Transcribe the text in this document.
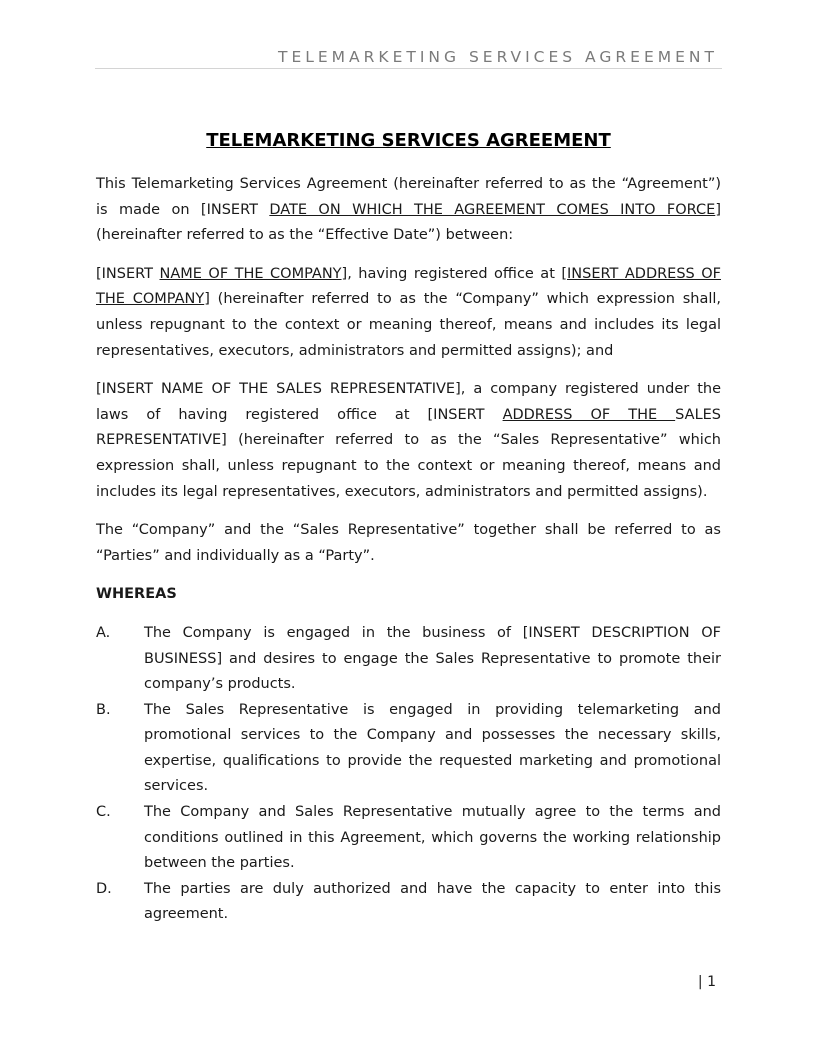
TELEMARKETING SERVICES AGREEMENT
TELEMARKETING SERVICES AGREEMENT

This Telemarketing Services Agreement (hereinafter referred to as the “Agreement”) is made on [INSERT DATE ON WHICH THE AGREEMENT COMES INTO FORCE] (hereinafter referred to as the “Effective Date”) between:

[INSERT NAME OF THE COMPANY], having registered office at [INSERT ADDRESS OF THE COMPANY] (hereinafter referred to as the “Company” which expression shall, unless repugnant to the context or meaning thereof, means and includes its legal representatives, executors, administrators and permitted assigns); and

[INSERT NAME OF THE SALES REPRESENTATIVE], a company registered under the laws of having registered office at [INSERT ADDRESS OF THE SALES REPRESENTATIVE] (hereinafter referred to as the “Sales Representative” which expression shall, unless repugnant to the context or meaning thereof, means and includes its legal representatives, executors, administrators and permitted assigns).

The “Company” and the “Sales Representative” together shall be referred to as “Parties” and individually as a “Party”.

WHEREAS
A. The Company is engaged in the business of [INSERT DESCRIPTION OF BUSINESS] and desires to engage the Sales Representative to promote their company’s products.
B. The Sales Representative is engaged in providing telemarketing and promotional services to the Company and possesses the necessary skills, expertise, qualifications to provide the requested marketing and promotional services.
C. The Company and Sales Representative mutually agree to the terms and conditions outlined in this Agreement, which governs the working relationship between the parties.
D. The parties are duly authorized and have the capacity to enter into this agreement.
| 1
